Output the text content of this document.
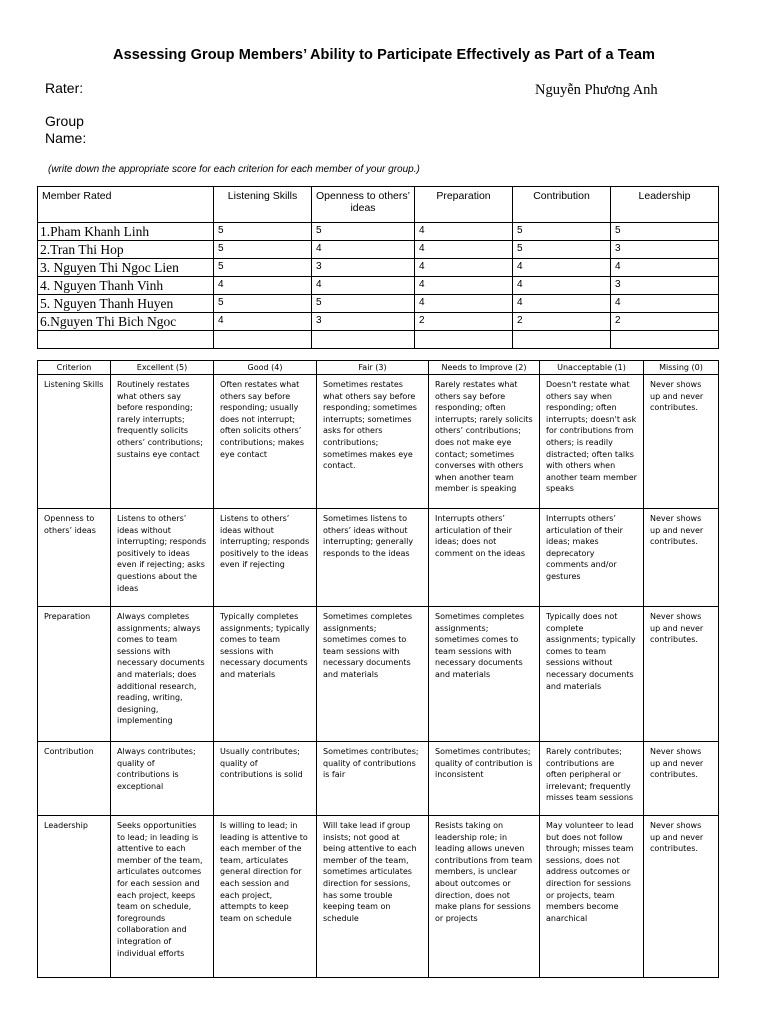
Assessing Group Members’ Ability to Participate Effectively as Part of a Team
Rater:	Nguyễn Phương Anh
Group Name:
(write down the appropriate score for each criterion for each member of your group.)
Member Rated	Listening Skills	Openness to others’ ideas	Preparation	Contribution	Leadership
1.Pham Khanh Linh	5	5	4	5	5
2.Tran Thi Hop	5	4	4	5	3
3. Nguyen Thi Ngoc Lien	5	3	4	4	4
4. Nguyen Thanh Vinh	4	4	4	4	3
5. Nguyen Thanh Huyen	5	5	4	4	4
6.Nguyen Thi Bich Ngoc	4	3	2	2	2

Criterion	Excellent (5)	Good (4)	Fair (3)	Needs to Improve (2)	Unacceptable (1)	Missing (0)
Listening Skills	Routinely restates what others say before responding; rarely interrupts; frequently solicits others’ contributions; sustains eye contact	Often restates what others say before responding; usually does not interrupt; often solicits others’ contributions; makes eye contact	Sometimes restates what others say before responding; sometimes interrupts; sometimes asks for others contributions; sometimes makes eye contact.	Rarely restates what others say before responding; often interrupts; rarely solicits others’ contributions; does not make eye contact; sometimes converses with others when another team member is speaking	Doesn't restate what others say when responding; often interrupts; doesn't ask for contributions from others; is readily distracted; often talks with others when another team member speaks	Never shows up and never contributes.
Openness to others’ ideas	Listens to others’ ideas without interrupting; responds positively to ideas even if rejecting; asks questions about the ideas	Listens to others’ ideas without interrupting; responds positively to the ideas even if rejecting	Sometimes listens to others’ ideas without interrupting; generally responds to the ideas	Interrupts others’ articulation of their ideas; does not comment on the ideas	Interrupts others’ articulation of their ideas; makes deprecatory comments and/or gestures	Never shows up and never contributes.
Preparation	Always completes assignments; always comes to team sessions with necessary documents and materials; does additional research, reading, writing, designing, implementing	Typically completes assignments; typically comes to team sessions with necessary documents and materials	Sometimes completes assignments; sometimes comes to team sessions with necessary documents and materials	Sometimes completes assignments; sometimes comes to team sessions with necessary documents and materials	Typically does not complete assignments; typically comes to team sessions without necessary documents and materials	Never shows up and never contributes.
Contribution	Always contributes; quality of contributions is exceptional	Usually contributes; quality of contributions is solid	Sometimes contributes; quality of contributions is fair	Sometimes contributes; quality of contribution is inconsistent	Rarely contributes; contributions are often peripheral or irrelevant; frequently misses team sessions	Never shows up and never contributes.
Leadership	Seeks opportunities to lead; in leading is attentive to each member of the team, articulates outcomes for each session and each project, keeps team on schedule, foregrounds collaboration and integration of individual efforts	Is willing to lead; in leading is attentive to each member of the team, articulates general direction for each session and each project, attempts to keep team on schedule	Will take lead if group insists; not good at being attentive to each member of the team, sometimes articulates direction for sessions, has some trouble keeping team on schedule	Resists taking on leadership role; in leading allows uneven contributions from team members, is unclear about outcomes or direction, does not make plans for sessions or projects	May volunteer to lead but does not follow through; misses team sessions, does not address outcomes or direction for sessions or projects, team members become anarchical	Never shows up and never contributes.
